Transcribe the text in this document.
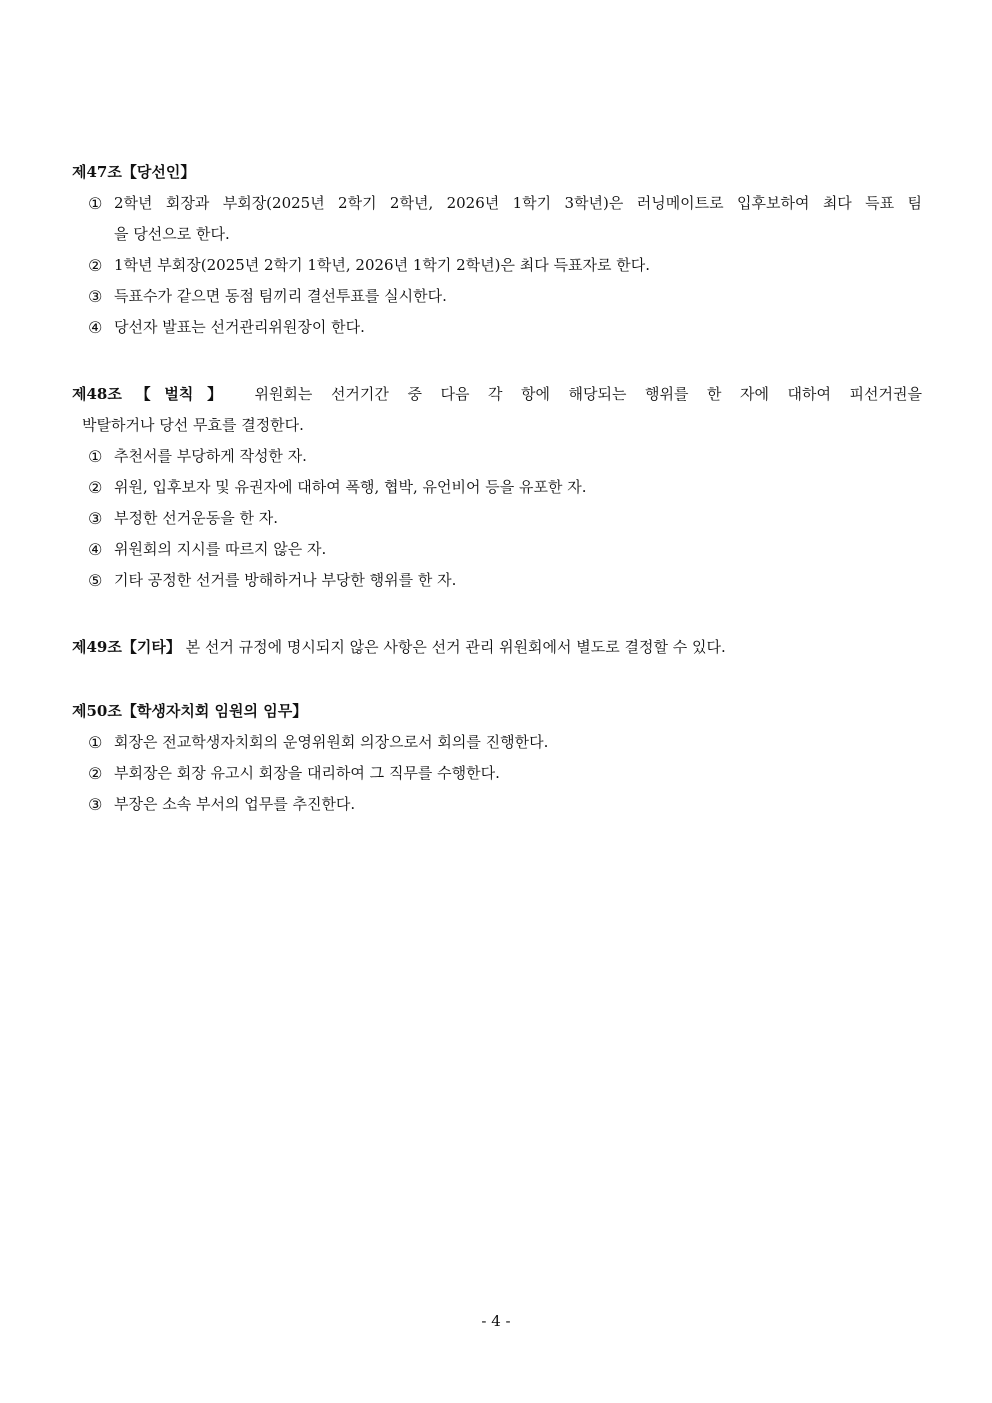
제47조【당선인】
① 2학년 회장과 부회장(2025년 2학기 2학년, 2026년 1학기 3학년)은 러닝메이트로 입후보하여 최다 득표 팀
을 당선으로 한다.
② 1학년 부회장(2025년 2학기 1학년, 2026년 1학기 2학년)은 최다 득표자로 한다.
③ 득표수가 같으면 동점 팀끼리 결선투표를 실시한다.
④ 당선자 발표는 선거관리위원장이 한다.
제48조【벌칙】 위원회는 선거기간 중 다음 각 항에 해당되는 행위를 한 자에 대하여 피선거권을
박탈하거나 당선 무효를 결정한다.
① 추천서를 부당하게 작성한 자.
② 위원, 입후보자 및 유권자에 대하여 폭행, 협박, 유언비어 등을 유포한 자.
③ 부정한 선거운동을 한 자.
④ 위원회의 지시를 따르지 않은 자.
⑤ 기타 공정한 선거를 방해하거나 부당한 행위를 한 자.
제49조【기타】 본 선거 규정에 명시되지 않은 사항은 선거 관리 위원회에서 별도로 결정할 수 있다.
제50조【학생자치회 임원의 임무】
① 회장은 전교학생자치회의 운영위원회 의장으로서 회의를 진행한다.
② 부회장은 회장 유고시 회장을 대리하여 그 직무를 수행한다.
③ 부장은 소속 부서의 업무를 추진한다.
- 4 -
